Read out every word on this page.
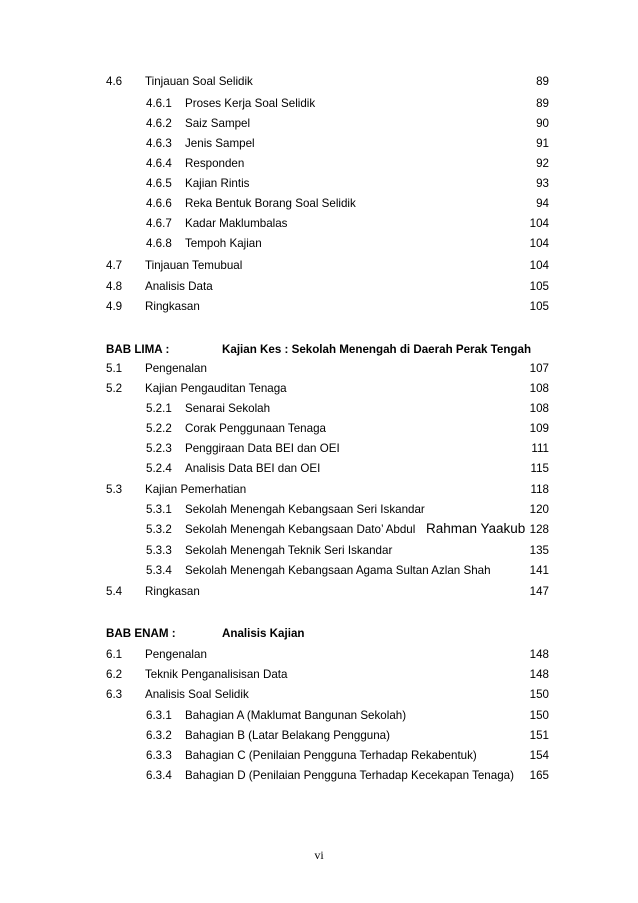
4.6 Tinjauan Soal Selidik	89
4.6.1 Proses Kerja Soal Selidik	89
4.6.2 Saiz Sampel	90
4.6.3 Jenis Sampel	91
4.6.4 Responden	92
4.6.5 Kajian Rintis	93
4.6.6 Reka Bentuk Borang Soal Selidik	94
4.6.7 Kadar Maklumbalas	104
4.6.8 Tempoh Kajian	104
4.7 Tinjauan Temubual	104
4.8 Analisis Data	105
4.9 Ringkasan	105
BAB LIMA :	Kajian Kes : Sekolah Menengah di Daerah Perak Tengah
5.1 Pengenalan	107
5.2 Kajian Pengauditan Tenaga	108
5.2.1 Senarai Sekolah	108
5.2.2 Corak Penggunaan Tenaga	109
5.2.3 Penggiraan Data BEI dan OEI	111
5.2.4 Analisis Data BEI dan OEI	115
5.3 Kajian Pemerhatian	118
5.3.1 Sekolah Menengah Kebangsaan Seri Iskandar	120
5.3.2 Sekolah Menengah Kebangsaan Dato’ Abdul Rahman Yaakub 128
5.3.3 Sekolah Menengah Teknik Seri Iskandar	135
5.3.4 Sekolah Menengah Kebangsaan Agama Sultan Azlan Shah	141
5.4 Ringkasan	147
BAB ENAM :	Analisis Kajian
6.1 Pengenalan	148
6.2 Teknik Penganalisisan Data	148
6.3 Analisis Soal Selidik	150
6.3.1 Bahagian A (Maklumat Bangunan Sekolah)	150
6.3.2 Bahagian B (Latar Belakang Pengguna)	151
6.3.3 Bahagian C (Penilaian Pengguna Terhadap Rekabentuk)	154
6.3.4 Bahagian D (Penilaian Pengguna Terhadap Kecekapan Tenaga) 165
vi
